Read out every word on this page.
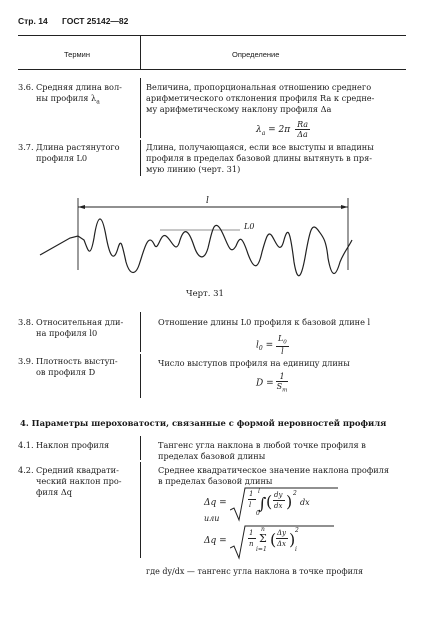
Стр. 14 ГОСТ 25142—82
Термин	Определение
3.6. Средняя длина вол-
ны профиля $\lambda_a$
Величина, пропорциональная отношению среднего
арифметического отклонения профиля Ra к средне-
му арифметическому наклону профиля Δa
$\lambda_a = 2\pi \frac{Ra}{\Delta a}$
3.7. Длина растянутого
профиля L0
Длина, получающаяся, если все выступы и впадины
профиля в пределах базовой длины вытянуть в пря-
мую линию (черт. 31)
l
L0
Черт. 31
3.8. Относительная дли-
на профиля l0
Отношение длины L0 профиля к базовой длине l
$l_0 = \frac{L_0}{l}$
3.9. Плотность выступ-
ов профиля D
Число выступов профиля на единицу длины
$D = \frac{1}{S_m}$
4. Параметры шероховатости, связанные с формой неровностей профиля
4.1. Наклон профиля	Тангенс угла наклона в любой точке профиля в
пределах базовой длины
4.2. Средний квадрати-
ческий наклон про-
филя Δq
Среднее квадратическое значение наклона профиля
в пределах базовой длины
Δq =
1
l
l
∫
0
( dy
dx ) 2
dx
или
Δq =
1
n
n
Σ
i=1
( Δy
Δx ) 2
i
где dy/dx — тангенс угла наклона в точке профиля
